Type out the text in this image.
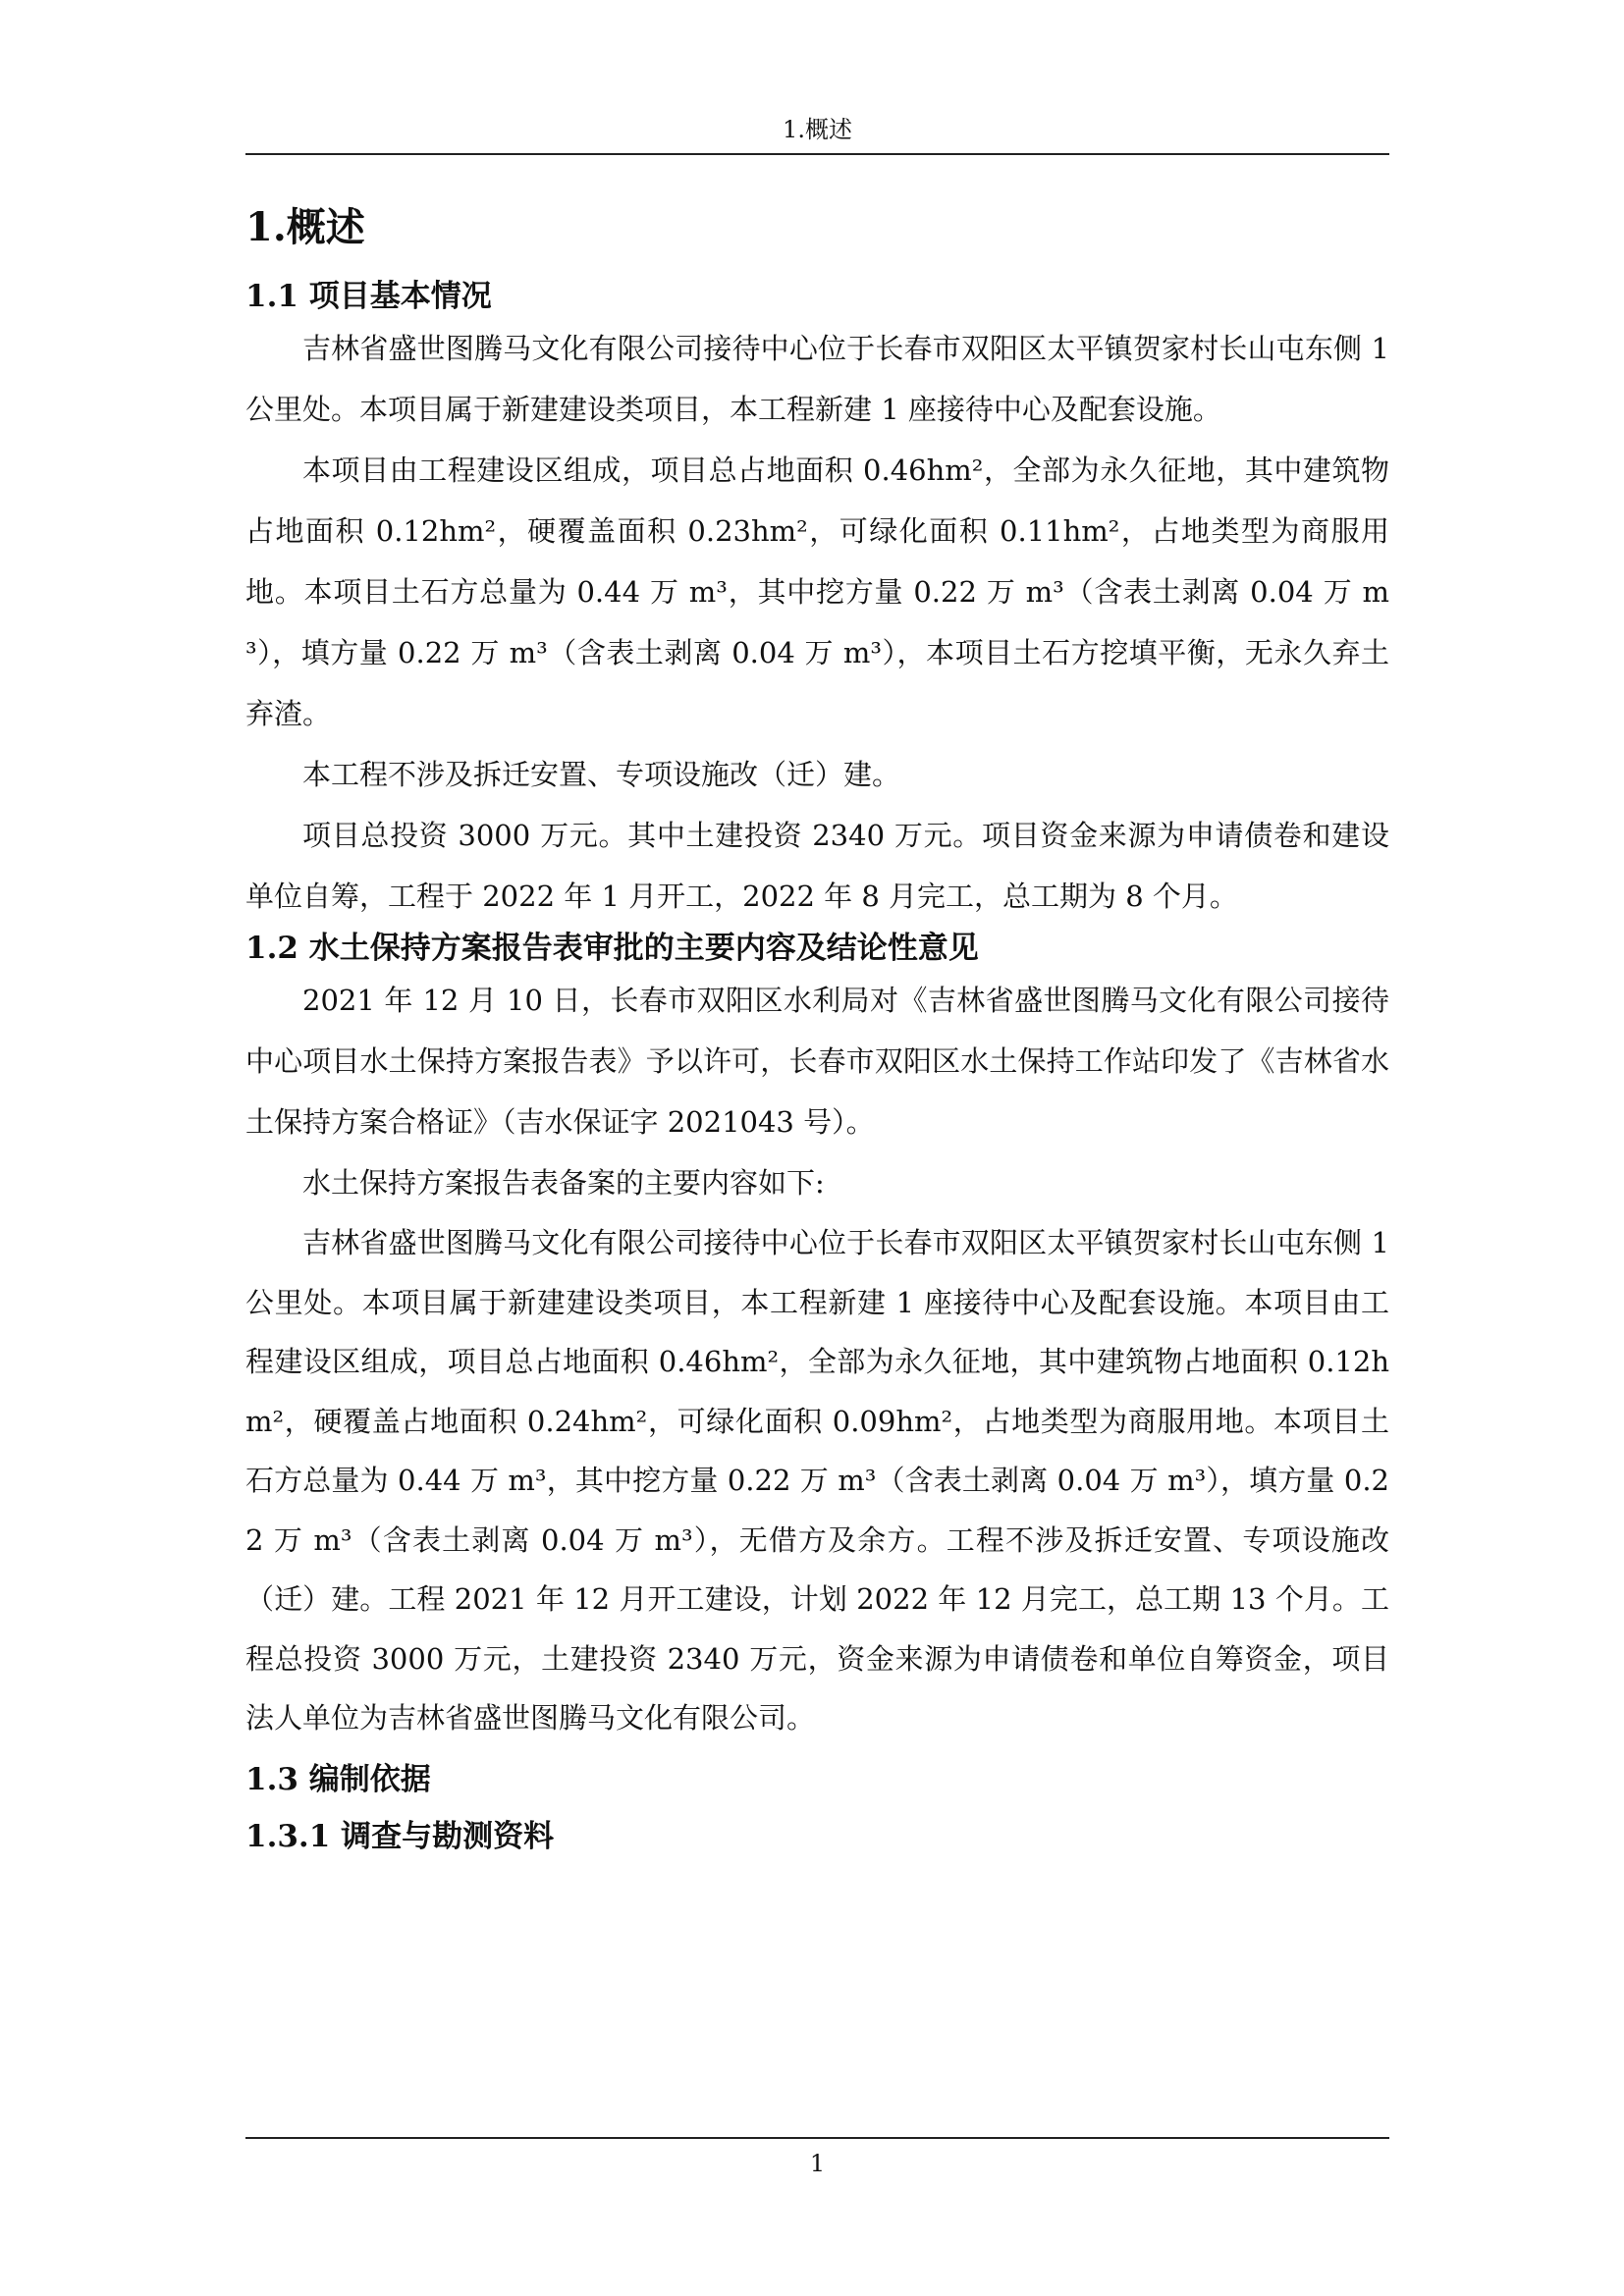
1.概述
1.概述
1.1 项目基本情况

吉林省盛世图腾马文化有限公司接待中心位于长春市双阳区太平镇贺家村长山屯东侧 1 公里处。本项目属于新建建设类项目，本工程新建 1 座接待中心及配套设施。

本项目由工程建设区组成，项目总占地面积 0.46hm²，全部为永久征地，其中建筑物占地面积 0.12hm²，硬覆盖面积 0.23hm²，可绿化面积 0.11hm²，占地类型为商服用地。本项目土石方总量为 0.44 万 m³，其中挖方量 0.22 万 m³（含表土剥离 0.04 万 m³），填方量 0.22 万 m³（含表土剥离 0.04 万 m³），本项目土石方挖填平衡，无永久弃土弃渣。

本工程不涉及拆迁安置、专项设施改（迁）建。

项目总投资 3000 万元。其中土建投资 2340 万元。项目资金来源为申请债卷和建设单位自筹，工程于 2022 年 1 月开工，2022 年 8 月完工，总工期为 8 个月。

1.2 水土保持方案报告表审批的主要内容及结论性意见

2021 年 12 月 10 日，长春市双阳区水利局对《吉林省盛世图腾马文化有限公司接待中心项目水土保持方案报告表》予以许可，长春市双阳区水土保持工作站印发了《吉林省水土保持方案合格证》（吉水保证字 2021043 号）。

水土保持方案报告表备案的主要内容如下:

吉林省盛世图腾马文化有限公司接待中心位于长春市双阳区太平镇贺家村长山屯东侧 1 公里处。本项目属于新建建设类项目，本工程新建 1 座接待中心及配套设施。本项目由工程建设区组成，项目总占地面积 0.46hm²，全部为永久征地，其中建筑物占地面积 0.12hm²，硬覆盖占地面积 0.24hm²，可绿化面积 0.09hm²，占地类型为商服用地。本项目土石方总量为 0.44 万 m³，其中挖方量 0.22 万 m³（含表土剥离 0.04 万 m³），填方量 0.22 万 m³（含表土剥离 0.04 万 m³），无借方及余方。工程不涉及拆迁安置、专项设施改（迁）建。工程 2021 年 12 月开工建设，计划 2022 年 12 月完工，总工期 13 个月。工程总投资 3000 万元，土建投资 2340 万元，资金来源为申请债卷和单位自筹资金，项目法人单位为吉林省盛世图腾马文化有限公司。

1.3 编制依据
1.3.1 调查与勘测资料
1
